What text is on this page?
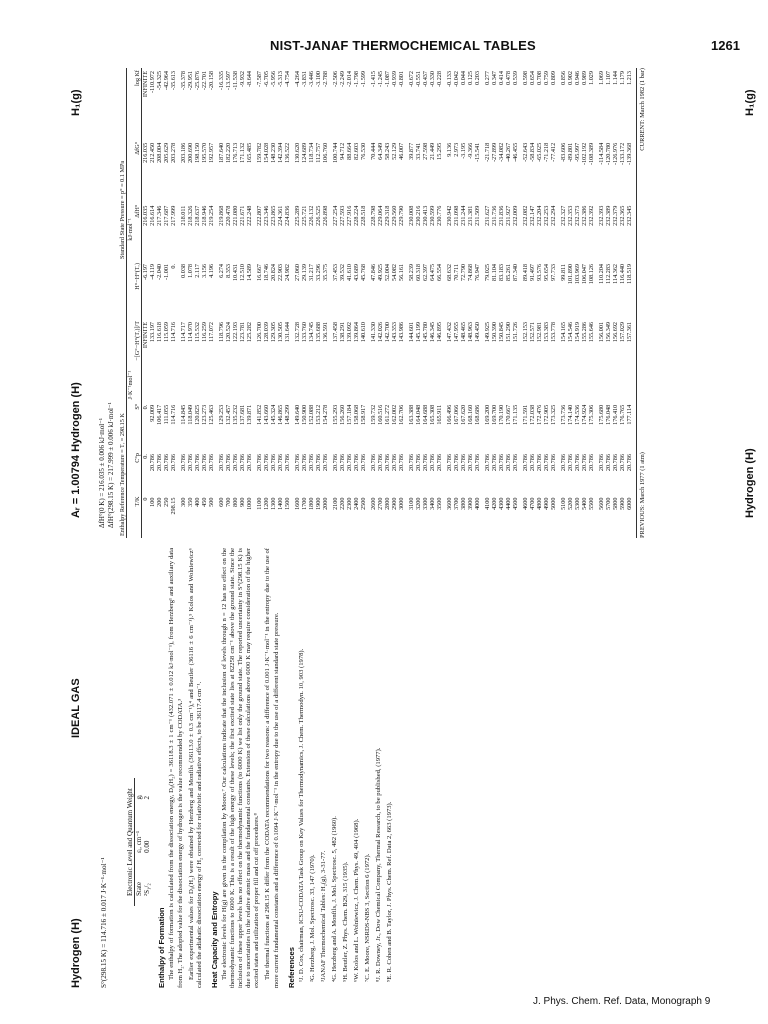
NIST-JANAF THERMOCHEMICAL TABLES	1261
Hydrogen (H)
IDEAL GAS
Aᵣ = 1.00794 Hydrogen (H)
H₁(g)
S°(298.15 K) = 114.716 ± 0.017 J·K⁻¹·mol⁻¹
Electronic Level and Quantum Weight		
State	εᵢ, cm⁻¹	gᵢ
²S₁/₂	0.00	2
Enthalpy of Formation The enthalpy of formation is calculated from the dissociation energy, D₀(H₂) = 36118.3 ± 1 cm⁻¹ (432.071 ± 0.012 kJ·mol⁻¹), from Herzberg¹ and auxiliary data from H₂. The adopted value for the dissociation energy of hydrogen is the value recommended by CODATA.³ Earlier experimental values for D₀(H₂) were obtained by Herzberg and Monfils (36113.0 ± 0.3 cm⁻¹),⁴ and Beutler (36116 ± 6 cm⁻¹).⁵ Kolos and Wolniewicz⁶ calculated the adiabatic dissociation energy of H₂ corrected for relativistic and radiative effects, to be 36117.4 cm⁻¹. Heat Capacity and Entropy The electronic levels for H(g) are given in the compilation by Moore.⁷ Our calculations indicate that the inclusion of levels through n = 12 has no effect on the thermodynamic functions to 6000 K. This is a result of the high energy of these levels; the first excited state lies at 82258 cm⁻¹ above the ground state. Since the inclusion of these upper levels has no effect on the thermodynamic functions (to 6000 K) we list only the ground state. The reported uncertainty in S°(298.15 K) is due to uncertainties in the relative atomic mass and the fundamental constants. Extension of these calculations above 6000 K may require consideration of the higher excited states and utilization of proper fill and cut off procedures.⁸ The thermal functions at 298.15 K differ from the CODATA recommendations for two reasons: a difference of 0.001 J·K⁻¹·mol⁻¹ in the entropy due to the use of more current fundamental constants and a difference of 0.1094 J·K⁻¹·mol⁻¹ in the entropy due to the use of a different standard state pressure. References ¹J. D. Cox, chairman, ICSU-CODATA Task Group on Key Values for Thermodynamics, J. Chem. Thermodyn. 10, 903 (1978). ²G. Herzberg, J. Mol. Spectrosc. 33, 147 (1970). ³JANAF Thermochemical Tables: H₂(g), 3-31-77. ⁴G. Herzberg and A. Monfils, J. Mol. Spectrosc. 5, 482 (1960). ⁵H. Beutler, Z. Phys. Chem. B29, 315 (1935). ⁶W. Kolos and L. Wolniewicz, J. Chem. Phys. 49, 404 (1968). ⁷C. E. Moore, NSRDS-NBS 3, Section 6 (1972). ⁸J. R. Downey, Jr., Dow Chemical Company, Thermal Research, to be published, (1977). ⁹E. R. Cohen and B. Taylor, J. Phys. Chem. Ref. Data 2, 663 (1973).

ΔfH°(0 K) = 216.035 ± 0.006 kJ·mol⁻¹ ΔfH°(298.15 K) = 217.999 ± 0.006 kJ·mol⁻¹ Enthalpy Reference Temperature = Tᵣ = 298.15 K					Standard State Pressure = p° = 0.1 MPa		
		J·K⁻¹mol⁻¹		kJ·mol⁻¹			
T/K	C°p	S°	−[G°−H°(Tᵣ)]/T	H°−H°(Tᵣ)	ΔfH°	ΔfG°	log Kf
0	0.	0.	INFINITE	-6.197	216.035	216.035	INFINITE
100	20.786	92.009	133.197	-4.119	216.614	212.450	-110.972
200	20.786	106.417	116.618	-2.040	217.346	208.004	-54.325
250	20.786	111.055	115.059	-1.001	217.687	205.629	-42.964
298.15	20.786	114.716	114.716	0.	217.999	203.278	-35.613
300	20.786	114.845	114.717	0.038	218.011	203.186	-35.378
350	20.786	118.049	114.970	1.078	218.326	200.690	-29.951
400	20.786	120.825	115.532	2.117	218.637	198.150	-25.876
450	20.786	123.273	116.259	3.156	218.946	195.570	-22.701
500	20.786	125.463	117.072	4.196	219.254	192.957	-20.158
600	20.786	129.253	118.796	6.274	219.868	187.640	-16.335
700	20.786	132.457	120.524	8.353	220.478	182.220	-13.597
800	20.786	135.232	122.193	10.431	221.080	176.713	-11.538
900	20.786	137.681	123.781	12.510	221.671	171.132	-9.932
1000	20.786	139.871	125.282	14.589	222.248	165.485	-8.644
1100	20.786	141.852	126.700	16.667	222.807	159.782	-7.587
1200	20.786	143.660	128.039	18.746	223.346	154.028	-6.705
1300	20.786	145.324	129.305	20.824	223.865	148.230	-5.956
1400	20.786	146.865	130.505	22.903	224.361	142.394	-5.313
1500	20.786	148.299	131.644	24.982	224.836	136.522	-4.754
1600	20.786	149.640	132.728	27.060	225.289	130.620	-4.264
1700	20.786	150.900	133.760	29.139	225.721	124.689	-3.831
1800	20.786	152.088	134.745	31.217	226.132	118.734	-3.446
1900	20.786	153.212	135.688	33.296	226.525	112.757	-3.100
2000	20.786	154.278	136.591	35.375	226.898	106.760	-2.788
2100	20.786	155.293	137.458	37.453	227.254	100.744	-2.506
2200	20.786	156.260	138.291	39.532	227.593	94.712	-2.249
2300	20.786	157.184	139.092	41.610	227.916	88.664	-2.014
2400	20.786	158.068	139.864	43.689	228.224	82.603	-1.798
2500	20.786	158.917	140.610	45.768	228.518	76.530	-1.599
2600	20.786	159.732	141.330	47.846	228.798	70.444	-1.415
2700	20.786	160.516	142.026	49.925	229.064	64.349	-1.245
2800	20.786	161.272	142.700	52.004	229.318	58.243	-1.087
2900	20.786	162.002	143.353	54.082	229.560	52.129	-0.939
3000	20.786	162.706	143.986	56.161	229.790	46.007	-0.801
3100	20.786	163.388	144.601	58.239	230.008	39.877	-0.672
3200	20.786	164.048	145.199	60.318	230.216	33.741	-0.551
3300	20.786	164.688	145.780	62.397	230.413	27.598	-0.437
3400	20.786	165.308	146.345	64.475	230.599	21.449	-0.330
3500	20.786	165.911	146.895	66.554	230.776	15.295	-0.228
3600	20.786	166.496	147.432	68.632	230.942	9.136	-0.133
3700	20.786	167.066	147.955	70.711	231.098	2.973	-0.042
3800	20.786	167.620	148.465	72.790	231.244	-3.195	0.044
3900	20.786	168.160	148.963	74.868	231.381	-9.366	0.125
4000	20.786	168.686	149.450	76.947	231.509	-15.541	0.203
4100	20.786	169.200	149.925	79.025	231.627	-21.718	0.277
4200	20.786	169.700	150.390	81.104	231.736	-27.899	0.347
4300	20.786	170.190	150.845	83.183	231.836	-34.082	0.414
4400	20.786	170.667	151.290	85.261	231.927	-40.267	0.478
4500	20.786	171.135	151.726	87.340	232.009	-46.455	0.539
4600	20.786	171.591	152.153	89.418	232.082	-52.643	0.598
4700	20.786	172.038	152.571	91.497	232.147	-58.834	0.654
4800	20.786	172.476	152.981	93.576	232.204	-65.025	0.708
4900	20.786	172.905	153.383	95.654	232.253	-71.218	0.759
5000	20.786	173.325	153.778	97.733	232.294	-77.412	0.809
5100	20.786	173.736	154.165	99.811	232.327	-83.606	0.856
5200	20.786	174.140	154.546	101.890	232.353	-89.801	0.902
5300	20.786	174.536	154.919	103.969	232.373	-95.997	0.946
5400	20.786	174.924	155.286	106.047	232.386	-102.192	0.989
5500	20.786	175.306	155.646	108.126	232.392	-108.389	1.029
5600	20.786	175.680	156.001	110.204	232.393	-114.584	1.069
5700	20.786	176.048	156.349	112.283	232.389	-120.780	1.107
5800	20.786	176.410	156.692	114.362	232.379	-126.976	1.144
5900	20.786	176.765	157.029	116.440	232.365	-133.172	1.179
6000	20.786	177.114	157.361	118.519	232.345	-139.368	1.213
PREVIOUS: March 1977 (1 atm)
CURRENT: March 1982 (1 bar)
Hydrogen (H)
H₁(g)
J. Phys. Chem. Ref. Data, Monograph 9
